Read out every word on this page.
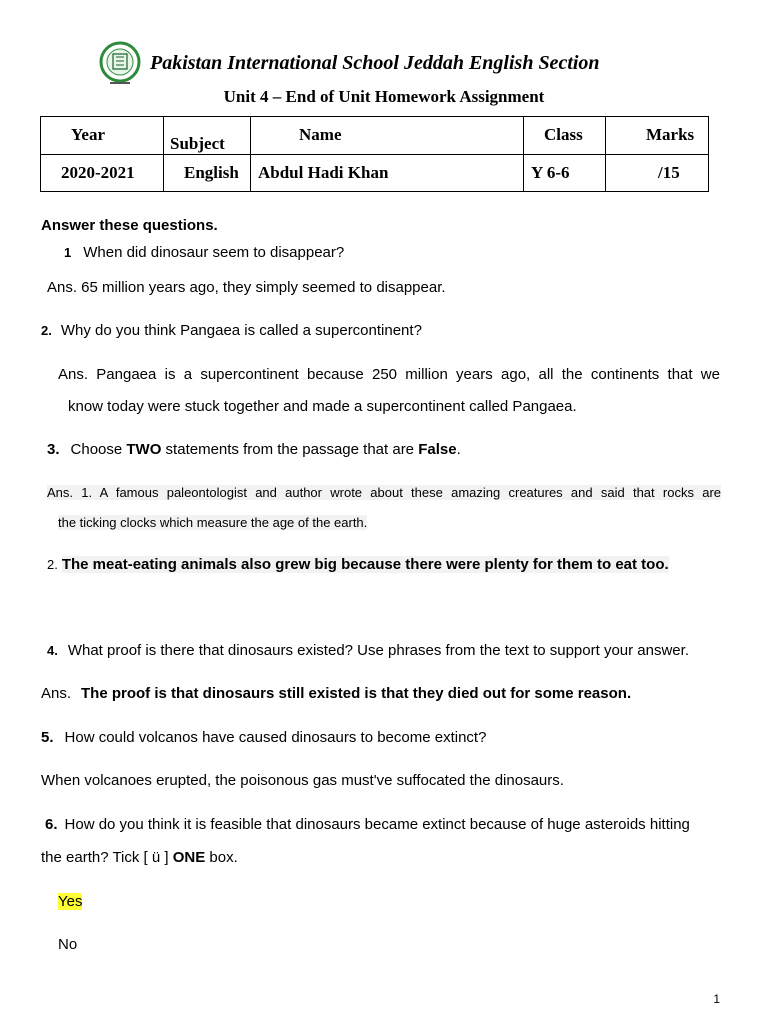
Pakistan International School Jeddah English Section
Unit 4 – End of Unit Homework Assignment
Year	Subject	Name	Class	Marks

2020-2021	English	Abdul Hadi Khan	Y 6-6	/15
Answer these questions.
1 When did dinosaur seem to disappear?
Ans. 65 million years ago, they simply seemed to disappear.
2. Why do you think Pangaea is called a supercontinent?
Ans. Pangaea is a supercontinent because 250 million years ago, all the continents that we
know today were stuck together and made a supercontinent called Pangaea.
3. Choose TWO statements from the passage that are False.
Ans. 1. A famous paleontologist and author wrote about these amazing creatures and said that rocks are
the ticking clocks which measure the age of the earth.
2. The meat-eating animals also grew big because there were plenty for them to eat too.
4. What proof is there that dinosaurs existed? Use phrases from the text to support your answer.
Ans. The proof is that dinosaurs still existed is that they died out for some reason.
5. How could volcanos have caused dinosaurs to become extinct?
When volcanoes erupted, the poisonous gas must've suffocated the dinosaurs.
6. How do you think it is feasible that dinosaurs became extinct because of huge asteroids hitting
the earth? Tick [ ü ] ONE box.
Yes
No
1
